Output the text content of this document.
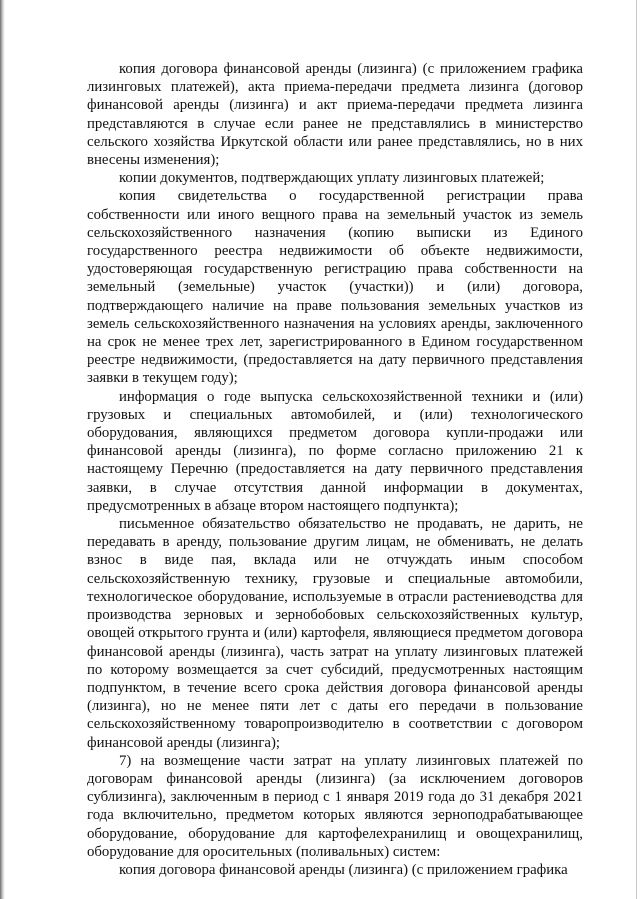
копия договора финансовой аренды (лизинга) (с приложением графика лизинговых платежей), акта приема-передачи предмета лизинга (договор финансовой аренды (лизинга) и акт приема-передачи предмета лизинга представляются в случае если ранее не представлялись в министерство сельского хозяйства Иркутской области или ранее представлялись, но в них внесены изменения);

копии документов, подтверждающих уплату лизинговых платежей;

копия свидетельства о государственной регистрации права собственности или иного вещного права на земельный участок из земель сельскохозяйственного назначения (копию выписки из Единого государственного реестра недвижимости об объекте недвижимости, удостоверяющая государственную регистрацию права собственности на земельный (земельные) участок (участки)) и (или) договора, подтверждающего наличие на праве пользования земельных участков из земель сельскохозяйственного назначения на условиях аренды, заключенного на срок не менее трех лет, зарегистрированного в Едином государственном реестре недвижимости, (предоставляется на дату первичного представления заявки в текущем году);

информация о годе выпуска сельскохозяйственной техники и (или) грузовых и специальных автомобилей, и (или) технологического оборудования, являющихся предметом договора купли-продажи или финансовой аренды (лизинга), по форме согласно приложению 21 к настоящему Перечню (предоставляется на дату первичного представления заявки, в случае отсутствия данной информации в документах, предусмотренных в абзаце втором настоящего подпункта);

письменное обязательство обязательство не продавать, не дарить, не передавать в аренду, пользование другим лицам, не обменивать, не делать взнос в виде пая, вклада или не отчуждать иным способом сельскохозяйственную технику, грузовые и специальные автомобили, технологическое оборудование, используемые в отрасли растениеводства для производства зерновых и зернобобовых сельскохозяйственных культур, овощей открытого грунта и (или) картофеля, являющиеся предметом договора финансовой аренды (лизинга), часть затрат на уплату лизинговых платежей по которому возмещается за счет субсидий, предусмотренных настоящим подпунктом, в течение всего срока действия договора финансовой аренды (лизинга), но не менее пяти лет с даты его передачи в пользование сельскохозяйственному товаропроизводителю в соответствии с договором финансовой аренды (лизинга);

7) на возмещение части затрат на уплату лизинговых платежей по договорам финансовой аренды (лизинга) (за исключением договоров сублизинга), заключенным в период с 1 января 2019 года до 31 декабря 2021 года включительно, предметом которых являются зерноподрабатывающее оборудование, оборудование для картофелехранилищ и овощехранилищ, оборудование для оросительных (поливальных) систем:

копия договора финансовой аренды (лизинга) (с приложением графика
